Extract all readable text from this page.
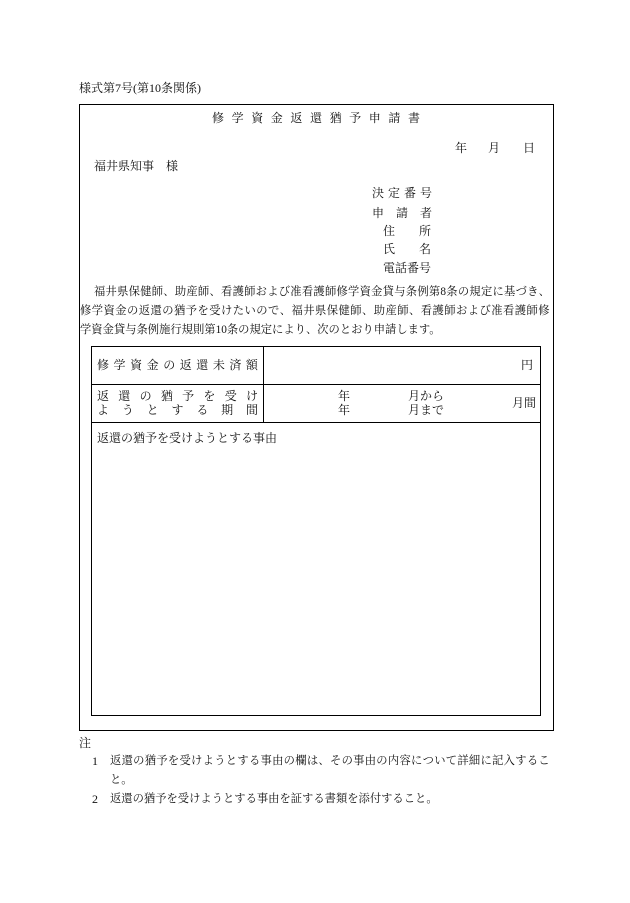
様式第7号(第10条関係)
修 学 資 金 返 還 猶 予 申 請 書
年 月 日
福井県知事　様
決 定 番 号
申 請 者
住 所
氏 名
電 話 番 号
福 井 県 保 健 師 、 助 産 師 、 看 護 師 お よ び 准 看 護 師 修 学 資 金 貸 与 条 例 第 8 条 の 規 定 に 基 づ き 、
修 学 資 金 の 返 還 の 猶 予 を 受 け た い の で 、 福 井 県 保 健 師 、 助 産 師 、 看 護 師 お よ び 准 看 護 師 修
学資金貸与条例施行規則第10条の規定により、次のとおり申請します。
修 学 資 金 の 返 還 未 済 額	円
返 還 の 猶 予 を 受 け
よ う と す る 期 間
年	月から
年	月まで	月間
返還の猶予を受けようとする事由
注
1 返 還 の 猶 予 を 受 け よ う と す る 事 由 の 欄 は 、 そ の 事 由 の 内 容 に つ い て 詳 細 に 記 入 す る こ
と。
2 返還の猶予を受けようとする事由を証する書類を添付すること。
